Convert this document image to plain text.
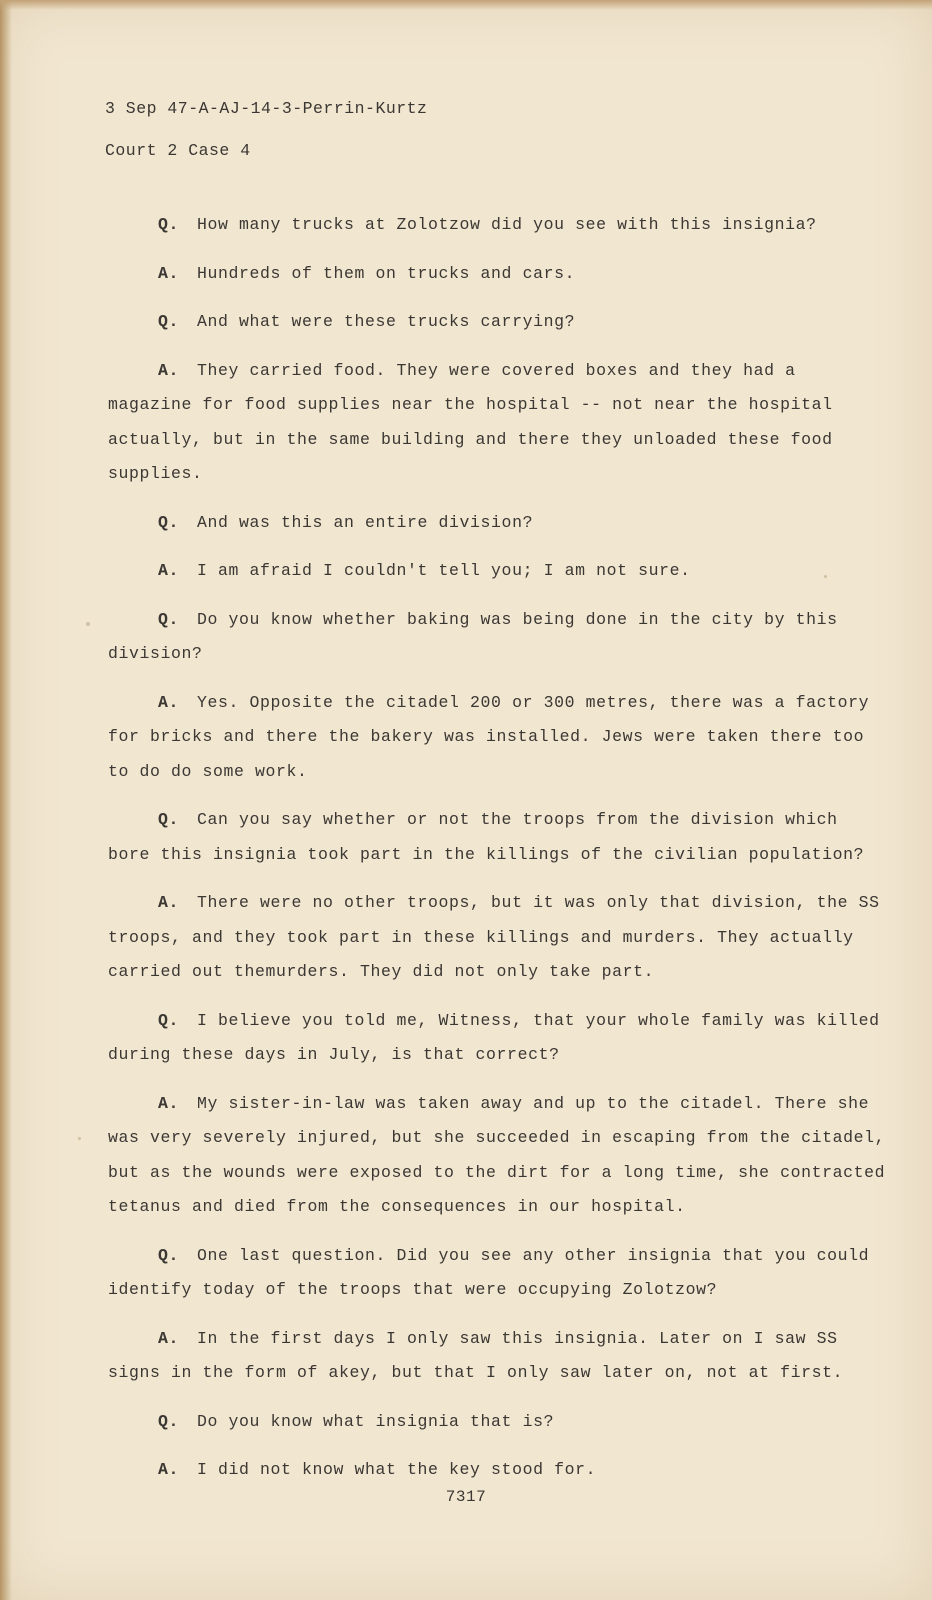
3 Sep 47-A-AJ-14-3-Perrin-Kurtz
Court 2 Case 4

Q. How many trucks at Zolotzow did you see with this insignia?

A. Hundreds of them on trucks and cars.

Q. And what were these trucks carrying?

A. They carried food. They were covered boxes and they had a magazine for food supplies near the hospital -- not near the hospital actually, but in the same building and there they unloaded these food supplies.

Q. And was this an entire division?

A. I am afraid I couldn't tell you; I am not sure.

Q. Do you know whether baking was being done in the city by this division?

A. Yes. Opposite the citadel 200 or 300 metres, there was a factory for bricks and there the bakery was installed. Jews were taken there too to do do some work.

Q. Can you say whether or not the troops from the division which bore this insignia took part in the killings of the civilian population?

A. There were no other troops, but it was only that division, the SS troops, and they took part in these killings and murders. They actually carried out themurders. They did not only take part.

Q. I believe you told me, Witness, that your whole family was killed during these days in July, is that correct?

A. My sister-in-law was taken away and up to the citadel. There she was very severely injured, but she succeeded in escaping from the citadel, but as the wounds were exposed to the dirt for a long time, she contracted tetanus and died from the consequences in our hospital.

Q. One last question. Did you see any other insignia that you could identify today of the troops that were occupying Zolotzow?

A. In the first days I only saw this insignia. Later on I saw SS signs in the form of akey, but that I only saw later on, not at first.

Q. Do you know what insignia that is?

A. I did not know what the key stood for.

7317
